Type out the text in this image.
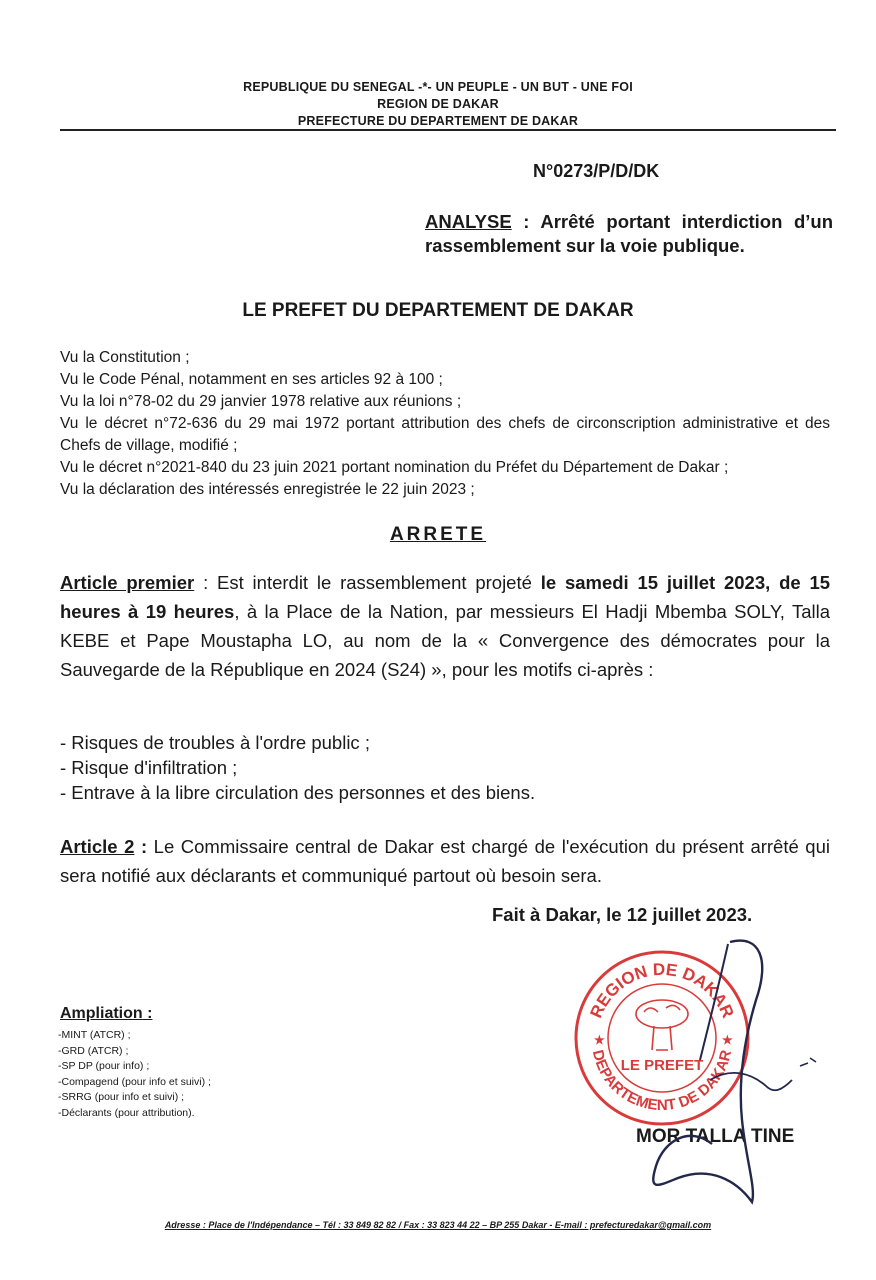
REPUBLIQUE DU SENEGAL -*- UN PEUPLE - UN BUT - UNE FOI
REGION DE DAKAR
PREFECTURE DU DEPARTEMENT DE DAKAR
N°0273/P/D/DK
ANALYSE : Arrêté portant interdiction d’un rassemblement sur la voie publique.
LE PREFET DU DEPARTEMENT DE DAKAR
Vu la Constitution ;
Vu le Code Pénal, notamment en ses articles 92 à 100 ;
Vu la loi n°78-02 du 29 janvier 1978 relative aux réunions ;
Vu le décret n°72-636 du 29 mai 1972 portant attribution des chefs de circonscription administrative et des Chefs de village, modifié ;
Vu le décret n°2021-840 du 23 juin 2021 portant nomination du Préfet du Département de Dakar ;
Vu la déclaration des intéressés enregistrée le 22 juin 2023 ;
ARRETE
Article premier : Est interdit le rassemblement projeté le samedi 15 juillet 2023, de 15 heures à 19 heures, à la Place de la Nation, par messieurs El Hadji Mbemba SOLY, Talla KEBE et Pape Moustapha LO, au nom de la « Convergence des démocrates pour la Sauvegarde de la République en 2024 (S24) », pour les motifs ci-après :
- Risques de troubles à l'ordre public ;
- Risque d'infiltration ;
- Entrave à la libre circulation des personnes et des biens.
Article 2 : Le Commissaire central de Dakar est chargé de l'exécution du présent arrêté qui sera notifié aux déclarants et communiqué partout où besoin sera.
Fait à Dakar, le 12 juillet 2023.
Ampliation :
-MINT (ATCR) ;
-GRD (ATCR) ;
-SP DP (pour info) ;
-Compagend (pour info et suivi) ;
-SRRG (pour info et suivi) ;
-Déclarants (pour attribution).
REGION DE DAKAR
DEPARTEMENT DE DAKAR
LE PREFET
★	★
MOR TALLA TINE
Adresse : Place de l'Indépendance – Tél : 33 849 82 82 / Fax : 33 823 44 22 – BP 255 Dakar - E-mail : prefecturedakar@gmail.com
